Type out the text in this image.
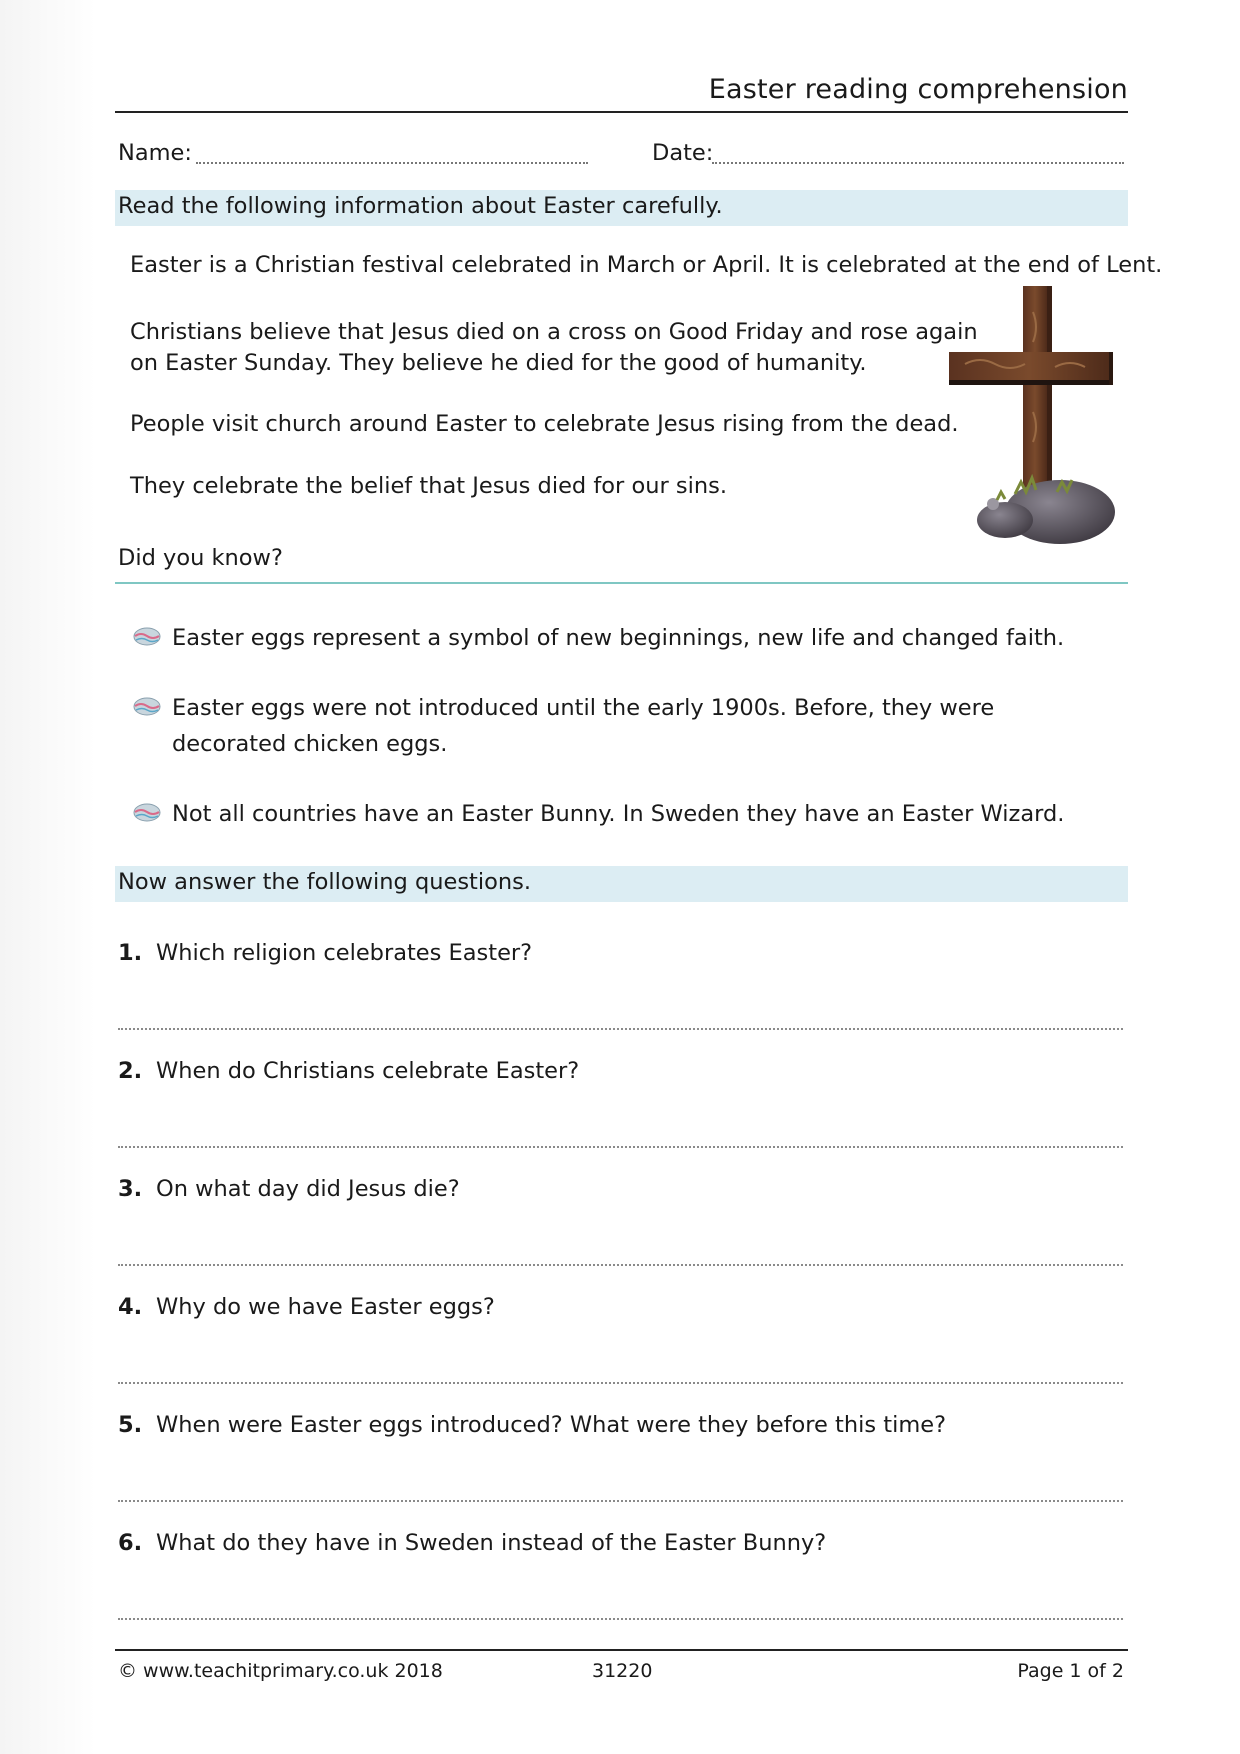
Easter reading comprehension
Name:	Date:
Read the following information about Easter carefully.
Easter is a Christian festival celebrated in March or April. It is celebrated at the end of Lent.
Christians believe that Jesus died on a cross on Good Friday and rose again
on Easter Sunday. They believe he died for the good of humanity.
People visit church around Easter to celebrate Jesus rising from the dead.
They celebrate the belief that Jesus died for our sins.
Did you know?
Easter eggs represent a symbol of new beginnings, new life and changed faith.
Easter eggs were not introduced until the early 1900s. Before, they were decorated chicken eggs.
Not all countries have an Easter Bunny. In Sweden they have an Easter Wizard.
Now answer the following questions.
1. Which religion celebrates Easter?
2. When do Christians celebrate Easter?
3. On what day did Jesus die?
4. Why do we have Easter eggs?
5. When were Easter eggs introduced? What were they before this time?
6. What do they have in Sweden instead of the Easter Bunny?
© www.teachitprimary.co.uk 2018	31220	Page 1 of 2
